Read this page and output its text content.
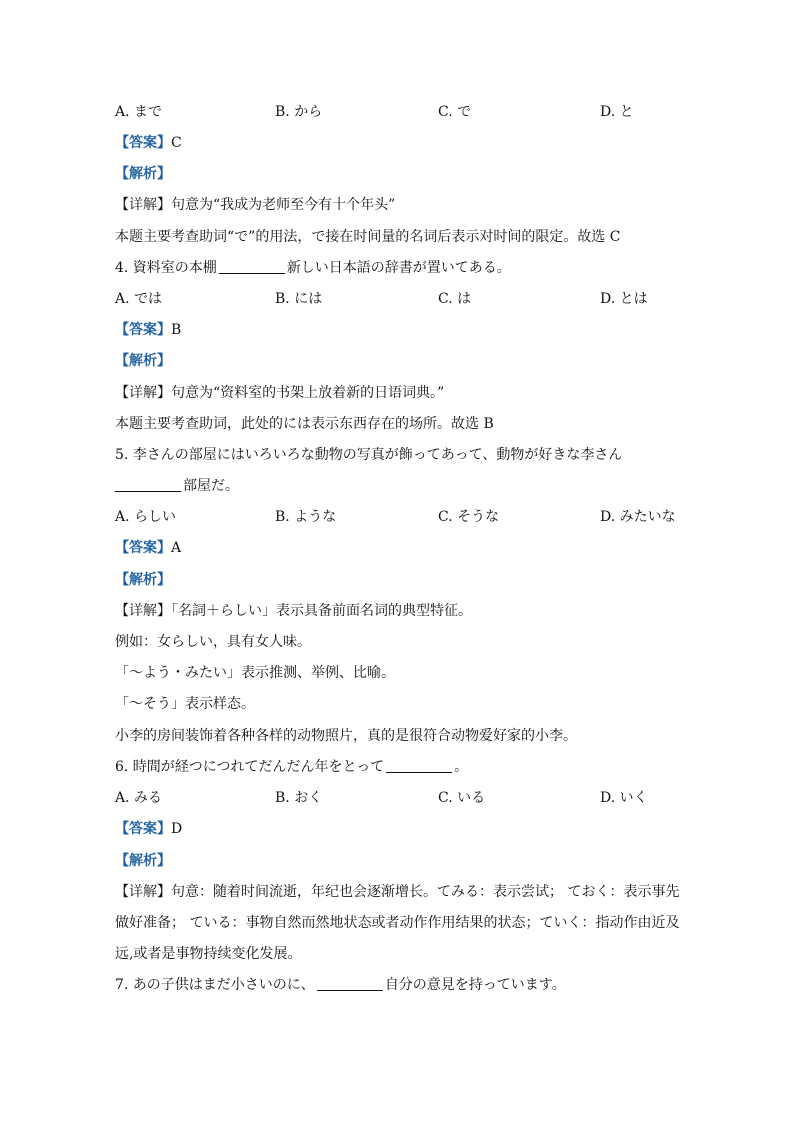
A. まで	B. から	C. で	D. と
【答案】C
【解析】
【详解】句意为“我成为老师至今有十个年头”
本题主要考查助词“で”的用法，で接在时间量的名词后表示对时间的限定。故选 C
4. 資料室の本棚	新しい日本語の辞書が置いてある。
A. では	B. には	C. は	D. とは
【答案】B
【解析】
【详解】句意为“资料室的书架上放着新的日语词典。”
本题主要考查助词，此处的には表示东西存在的场所。故选 B
5. 李さんの部屋にはいろいろな動物の写真が飾ってあって、動物が好きな李さん
部屋だ。
A. らしい	B. ような	C. そうな	D. みたいな
【答案】A
【解析】
【详解】「名詞＋らしい」表示具备前面名词的典型特征。
例如：女らしい，具有女人味。
「～よう・みたい」表示推测、举例、比喻。
「～そう」表示样态。
小李的房间装饰着各种各样的动物照片，真的是很符合动物爱好家的小李。
6. 時間が経つにつれてだんだん年をとって	。
A. みる	B. おく	C. いる	D. いく
【答案】D
【解析】
【详解】句意：随着时间流逝，年纪也会逐渐增长。てみる：表示尝试； ておく：表示事先
做好准备； ている：事物自然而然地状态或者动作作用结果的状态；ていく：指动作由近及
远,或者是事物持续变化发展。
7. あの子供はまだ小さいのに、	自分の意見を持っています。
